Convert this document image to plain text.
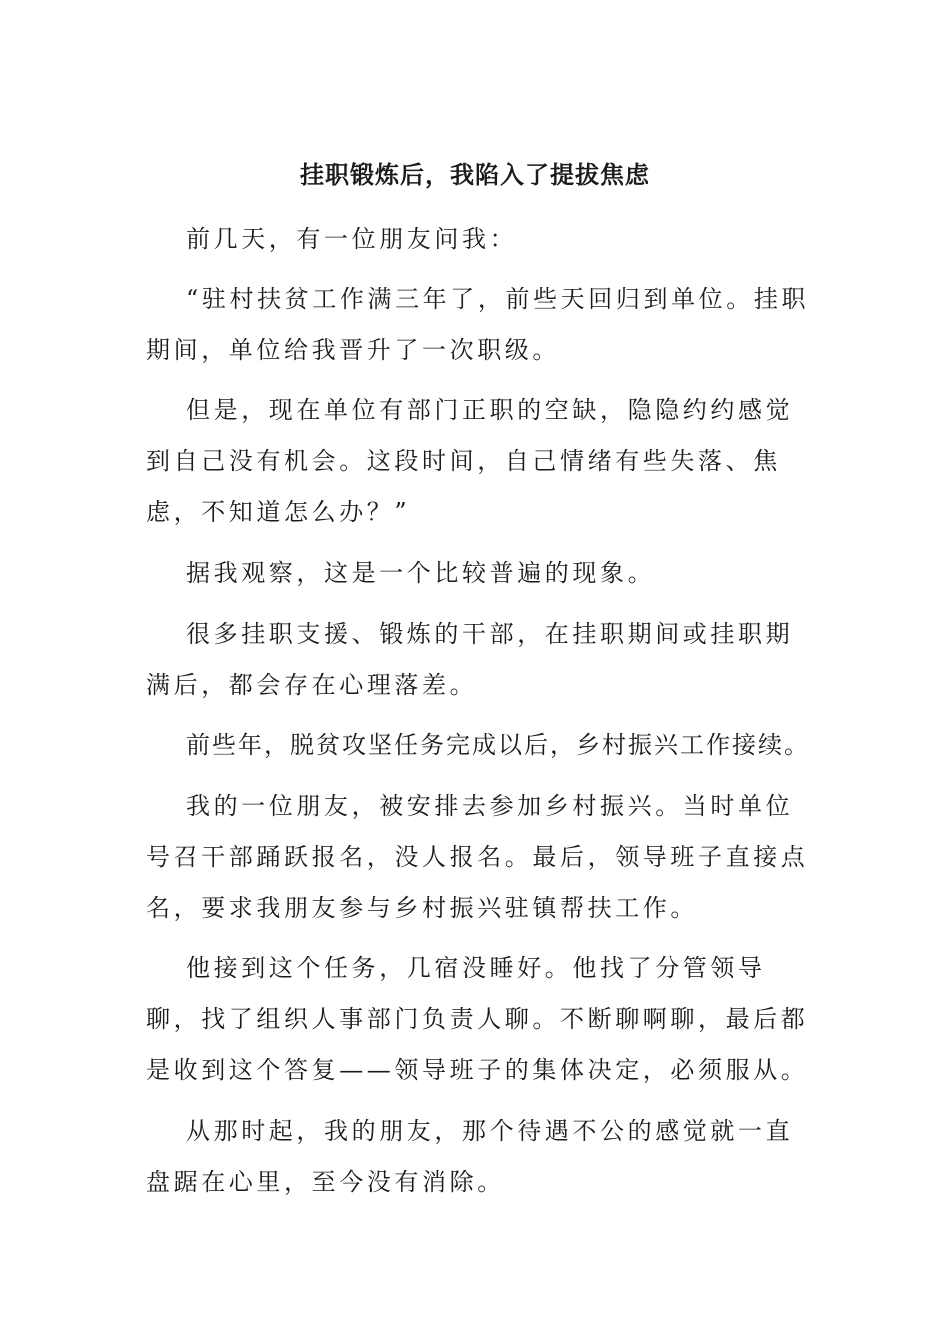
挂职锻炼后，我陷入了提拔焦虑

前几天，有一位朋友问我：

“驻村扶贫工作满三年了，前些天回归到单位。挂职期间，单位给我晋升了一次职级。

但是，现在单位有部门正职的空缺，隐隐约约感觉到自己没有机会。这段时间，自己情绪有些失落、焦虑，不知道怎么办？”

据我观察，这是一个比较普遍的现象。

很多挂职支援、锻炼的干部，在挂职期间或挂职期满后，都会存在心理落差。

前些年，脱贫攻坚任务完成以后，乡村振兴工作接续。

我的一位朋友，被安排去参加乡村振兴。当时单位号召干部踊跃报名，没人报名。最后，领导班子直接点名，要求我朋友参与乡村振兴驻镇帮扶工作。

他接到这个任务，几宿没睡好。他找了分管领导聊，找了组织人事部门负责人聊。不断聊啊聊，最后都是收到这个答复——领导班子的集体决定，必须服从。

从那时起，我的朋友，那个待遇不公的感觉就一直盘踞在心里，至今没有消除。
